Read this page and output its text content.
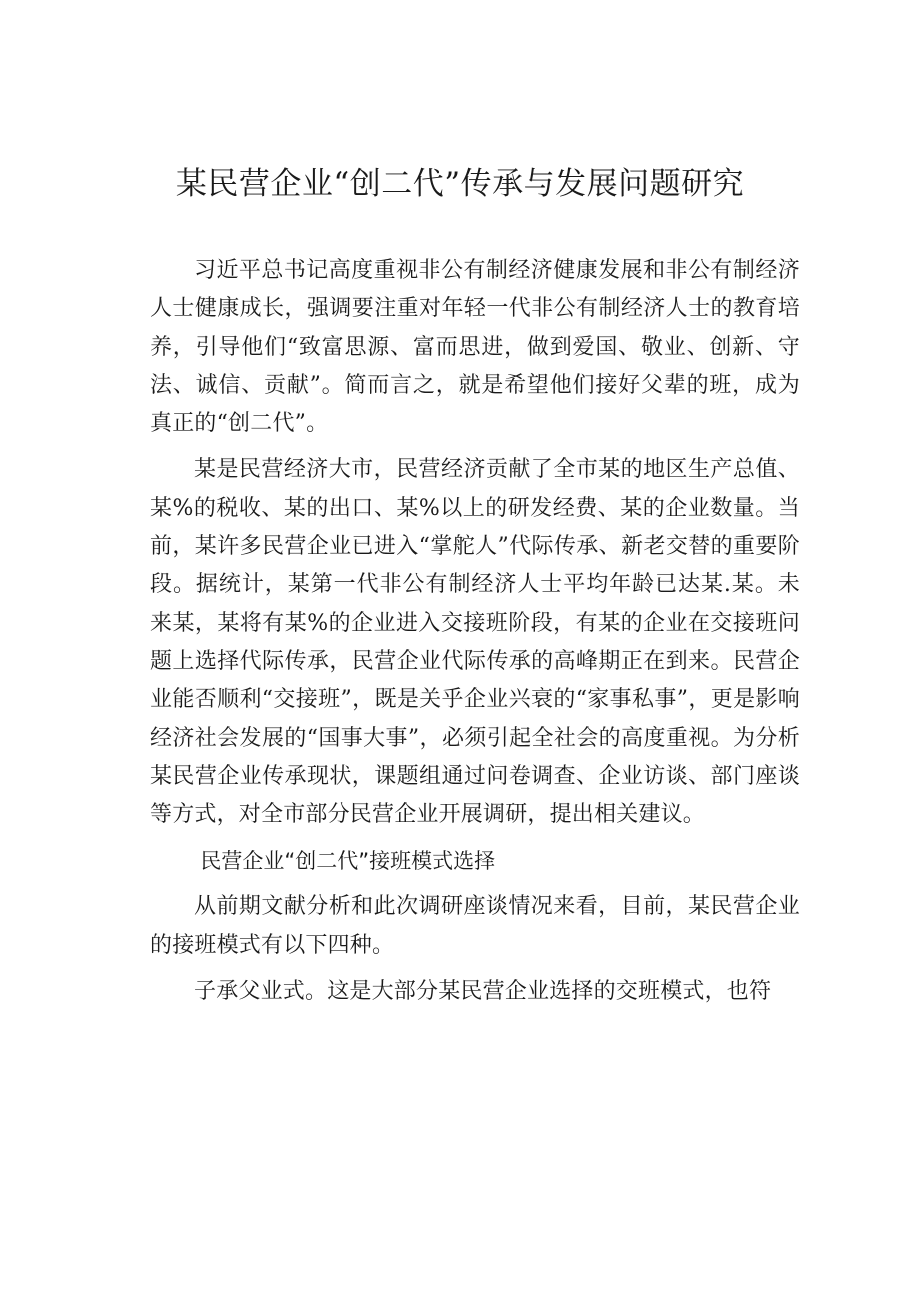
某民营企业“创二代”传承与发展问题研究

习近平总书记高度重视非公有制经济健康发展和非公有制经济人士健康成长，强调要注重对年轻一代非公有制经济人士的教育培养，引导他们“致富思源、富而思进，做到爱国、敬业、创新、守法、诚信、贡献”。简而言之，就是希望他们接好父辈的班，成为真正的“创二代”。

某是民营经济大市，民营经济贡献了全市某的地区生产总值、某%的税收、某的出口、某%以上的研发经费、某的企业数量。当前，某许多民营企业已进入“掌舵人”代际传承、新老交替的重要阶段。据统计，某第一代非公有制经济人士平均年龄已达某.某。未来某，某将有某%的企业进入交接班阶段，有某的企业在交接班问题上选择代际传承，民营企业代际传承的高峰期正在到来。民营企业能否顺利“交接班”，既是关乎企业兴衰的“家事私事”，更是影响经济社会发展的“国事大事”，必须引起全社会的高度重视。为分析某民营企业传承现状，课题组通过问卷调查、企业访谈、部门座谈等方式，对全市部分民营企业开展调研，提出相关建议。

民营企业“创二代”接班模式选择

从前期文献分析和此次调研座谈情况来看，目前，某民营企业的接班模式有以下四种。

子承父业式。这是大部分某民营企业选择的交班模式，也符
